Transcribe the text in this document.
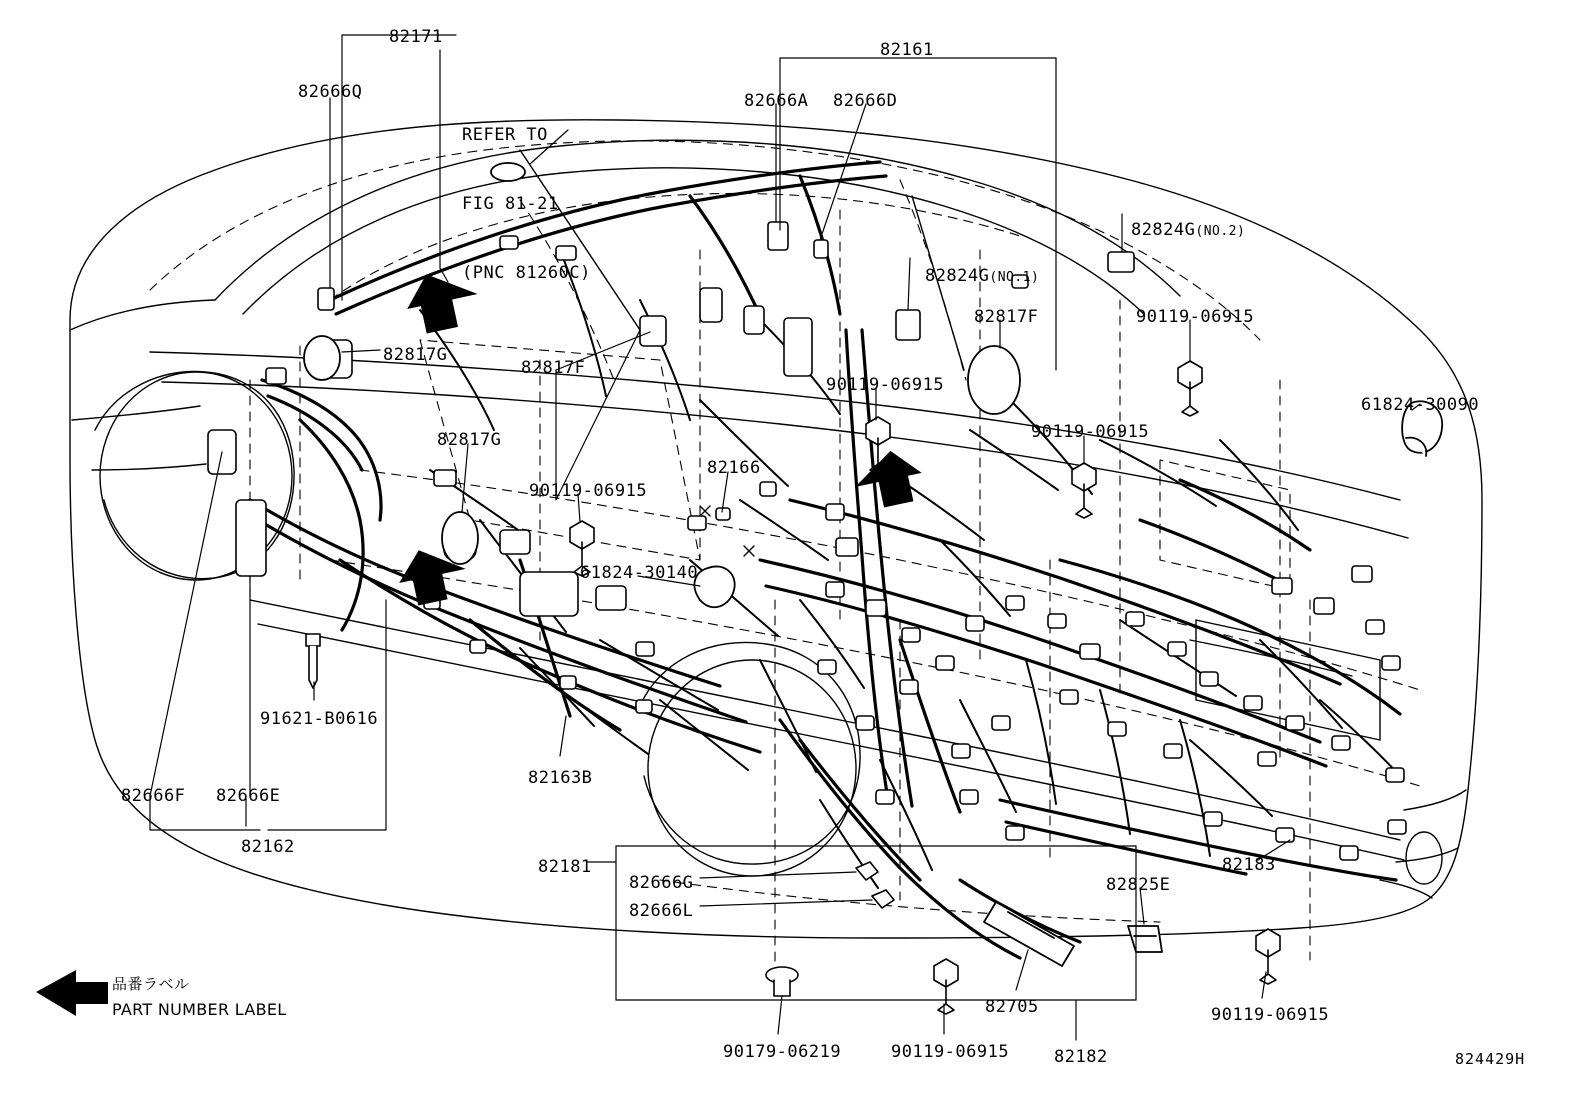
82171
82161
82666Q	82666A 82666D

REFER TO

FIG 81-21

(PNC 81260C)

82824G(NO.2)

82824G(NO.1)

82817F	90119-06915
82817G
82817F
90119-06915
61824-30090
90119-06915
82817G
82166
90119-06915
61824-30140
91621-B0616
82163B
82666F 82666E
82162
82181	82183
82666G	82825E
82666L
82705	90119-06915
90179-06219	90119-06915	82182
品番ラベル
PART NUMBER LABEL
824429H
